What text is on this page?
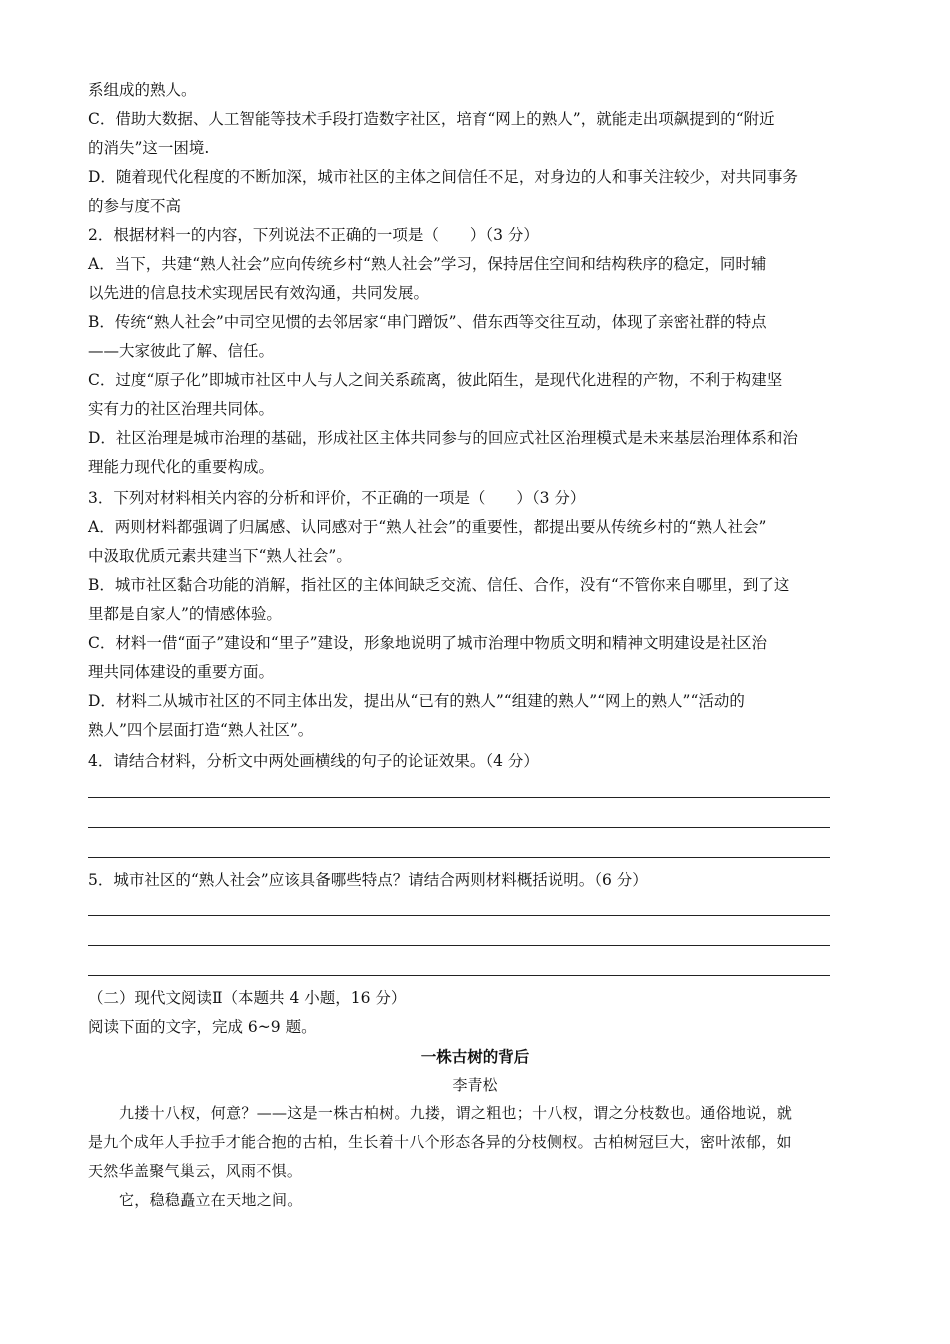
系组成的熟人。
C．借助大数据、人工智能等技术手段打造数字社区，培育“网上的熟人”，就能走出项飙提到的“附近
的消失”这一困境.
D．随着现代化程度的不断加深，城市社区的主体之间信任不足，对身边的人和事关注较少，对共同事务
的参与度不高
2．根据材料一的内容，下列说法不正确的一项是（　　）（3 分）
A．当下，共建“熟人社会”应向传统乡村“熟人社会”学习，保持居住空间和结构秩序的稳定，同时辅
以先进的信息技术实现居民有效沟通，共同发展。
B．传统“熟人社会”中司空见惯的去邻居家“串门蹭饭”、借东西等交往互动，体现了亲密社群的特点
——大家彼此了解、信任。
C．过度“原子化”即城市社区中人与人之间关系疏离，彼此陌生，是现代化进程的产物，不利于构建坚
实有力的社区治理共同体。
D．社区治理是城市治理的基础，形成社区主体共同参与的回应式社区治理模式是未来基层治理体系和治
理能力现代化的重要构成。
3．下列对材料相关内容的分析和评价，不正确的一项是（　　）（3 分）
A．两则材料都强调了归属感、认同感对于“熟人社会”的重要性，都提出要从传统乡村的“熟人社会”
中汲取优质元素共建当下“熟人社会”。
B．城市社区黏合功能的消解，指社区的主体间缺乏交流、信任、合作，没有“不管你来自哪里，到了这
里都是自家人”的情感体验。
C．材料一借“面子”建设和“里子”建设，形象地说明了城市治理中物质文明和精神文明建设是社区治
理共同体建设的重要方面。
D．材料二从城市社区的不同主体出发，提出从“已有的熟人”“组建的熟人”“网上的熟人”“活动的
熟人”四个层面打造“熟人社区”。
4．请结合材料，分析文中两处画横线的句子的论证效果。（4 分）
5．城市社区的“熟人社会”应该具备哪些特点？请结合两则材料概括说明。（6 分）
（二）现代文阅读Ⅱ（本题共 4 小题，16 分）
阅读下面的文字，完成 6~9 题。
一株古树的背后
李青松
九搂十八杈，何意？——这是一株古柏树。九搂，谓之粗也；十八杈，谓之分枝数也。通俗地说，就
是九个成年人手拉手才能合抱的古柏，生长着十八个形态各异的分枝侧杈。古柏树冠巨大，密叶浓郁，如
天然华盖聚气巢云，风雨不惧。
它，稳稳矗立在天地之间。
